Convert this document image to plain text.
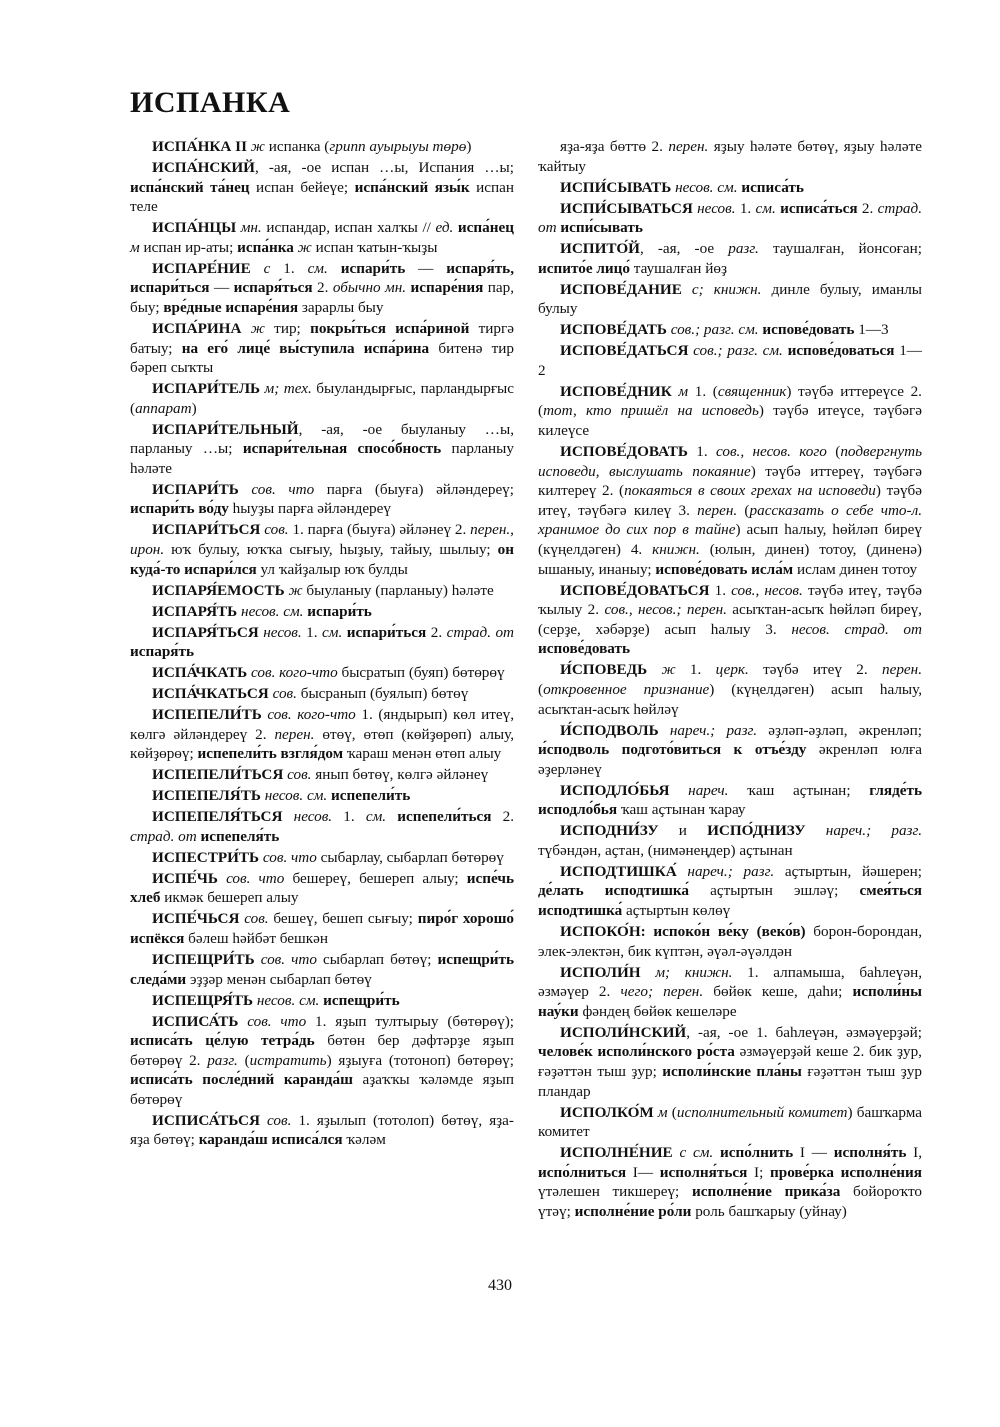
ИСПАНКА

ИСПА́НКА II ж испанка (грипп ауырыуы төрө)

ИСПА́НСКИЙ, -ая, -ое испан …ы, Испания …ы; испа́нский та́нец испан бейеүе; испа́нский язы́к испан теле

ИСПА́НЦЫ мн. испандар, испан халҡы // ед. испа́нец м испан ир-аты; испа́нка ж испан ҡатын-ҡыҙы

ИСПАРЕ́НИЕ с 1. см. испари́ть — испаря́ть, испари́ться — испаря́ться 2. обычно мн. испаре́ния пар, быу; вре́дные испаре́ния зарарлы быу

ИСПА́РИНА ж тир; покры́ться испа́риной тиргә батыу; на его́ лице́ вы́ступила испа́рина битенә тир бәреп сыҡты

ИСПАРИ́ТЕЛЬ м; тех. быуландырғыс, парландырғыс (аппарат)

ИСПАРИ́ТЕЛЬНЫЙ, -ая, -ое быуланыу …ы, парланыу …ы; испари́тельная спосо́бность парланыу һәләте

ИСПАРИ́ТЬ сов. что парға (быуға) әйләндереү; испари́ть во́ду һыуҙы парға әйләндереү

ИСПАРИ́ТЬСЯ сов. 1. парға (быуға) әйләнеү 2. перен., ирон. юҡ булыу, юҡҡа сығыу, һыҙыу, тайыу, шылыу; он куда́-то испари́лся ул ҡайҙалыр юҡ булды

ИСПАРЯ́ЕМОСТЬ ж быуланыу (парланыу) һәләте

ИСПАРЯ́ТЬ несов. см. испари́ть

ИСПАРЯ́ТЬСЯ несов. 1. см. испари́ться 2. страд. от испаря́ть

ИСПА́ЧКАТЬ сов. кого-что бысратып (буяп) бөтөрөү

ИСПА́ЧКАТЬСЯ сов. бысранып (буялып) бөтөү

ИСПЕПЕЛИ́ТЬ сов. кого-что 1. (яндырып) көл итеү, көлгә әйләндереү 2. перен. өтөү, өтөп (көйҙөрөп) алыу, көйҙөрөү; испепели́ть взгля́дом ҡараш менән өтөп алыу

ИСПЕПЕЛИ́ТЬСЯ сов. янып бөтөү, көлгә әйләнеү

ИСПЕПЕЛЯ́ТЬ несов. см. испепели́ть

ИСПЕПЕЛЯ́ТЬСЯ несов. 1. см. испепели́ться 2. страд. от испепеля́ть

ИСПЕСТРИ́ТЬ сов. что сыбарлау, сыбарлап бөтөрөү

ИСПЕ́ЧЬ сов. что бешереү, бешереп алыу; испе́чь хлеб икмәк бешереп алыу

ИСПЕ́ЧЬСЯ сов. бешеү, бешеп сығыу; пиро́г хорошо́ испёкся бәлеш һәйбәт бешкән

ИСПЕЩРИ́ТЬ сов. что сыбарлап бөтөү; испещри́ть следа́ми эҙҙәр менән сыбарлап бөтөү

ИСПЕЩРЯ́ТЬ несов. см. испещри́ть

ИСПИСА́ТЬ сов. что 1. яҙып тултырыу (бөтөрөү); исписа́ть це́лую тетра́дь бөтөн бер дәфтәрҙе яҙып бөтөрөү 2. разг. (истратить) яҙыуға (тотоноп) бөтөрөү; исписа́ть после́дний каранда́ш аҙаҡҡы ҡәләмде яҙып бөтөрөү

ИСПИСА́ТЬСЯ сов. 1. яҙылып (тотолоп) бөтөү, яҙа-яҙа бөтөү; каранда́ш исписа́лся ҡәләм

яҙа-яҙа бөттө 2. перен. яҙыу һәләте бөтөү, яҙыу һәләте ҡайтыу

ИСПИ́СЫВАТЬ несов. см. исписа́ть

ИСПИ́СЫВАТЬСЯ несов. 1. см. исписа́ться 2. страд. от испи́сывать

ИСПИТО́Й, -ая, -ое разг. таушалған, йонсоған; испито́е лицо́ таушалған йөҙ

ИСПОВЕ́ДАНИЕ с; книжн. динле булыу, иманлы булыу

ИСПОВЕ́ДАТЬ сов.; разг. см. испове́довать 1—3

ИСПОВЕ́ДАТЬСЯ сов.; разг. см. испове́доваться 1—2

ИСПОВЕ́ДНИК м 1. (священник) тәүбә иттереүсе 2. (тот, кто пришёл на исповедь) тәүбә итеүсе, тәүбәгә килеүсе

ИСПОВЕ́ДОВАТЬ 1. сов., несов. кого (подвергнуть исповеди, выслушать покаяние) тәүбә иттереү, тәүбәгә килтереү 2. (покаяться в своих грехах на исповеди) тәүбә итеү, тәүбәгә килеү 3. перен. (рассказать о себе что-л. хранимое до сих пор в тайне) асып һалыу, һөйләп биреү (күңелдәген) 4. книжн. (юлын, динен) тотоу, (диненә) ышаныу, инаныу; испове́довать исла́м ислам динен тотоу

ИСПОВЕ́ДОВАТЬСЯ 1. сов., несов. тәүбә итеү, тәүбә ҡылыу 2. сов., несов.; перен. асыҡтан-асыҡ һөйләп биреү, (серҙе, хәбәрҙе) асып һалыу 3. несов. страд. от испове́довать

И́СПОВЕДЬ ж 1. церк. тәүбә итеү 2. перен. (откровенное признание) (күңелдәген) асып һалыу, асыҡтан-асыҡ һөйләү

И́СПОДВОЛЬ нареч.; разг. әҙләп-әҙләп, әкренләп; и́сподволь подгото́виться к отъе́зду әкренләп юлға әҙерләнеү

ИСПОДЛО́БЬЯ нареч. ҡаш аҫтынан; гляде́ть исподло́бья ҡаш аҫтынан ҡарау

ИСПОДНИ́ЗУ и ИСПО́ДНИЗУ нареч.; разг. түбәндән, аҫтан, (нимәнеңдер) аҫтынан

ИСПОДТИШКА́ нареч.; разг. аҫтыртын, йәшерен; де́лать исподтишка́ аҫтыртын эшләү; смея́ться исподтишка́ аҫтыртын көлөү

ИСПОКО́Н: испоко́н ве́ку (веко́в) борон-борондан, элек-электән, бик күптән, әүәл-әүәлдән

ИСПОЛИ́Н м; книжн. 1. алпамыша, баһлеүән, әзмәүер 2. чего; перен. бөйөк кеше, даһи; исполи́ны нау́ки фәндең бөйөк кешеләре

ИСПОЛИ́НСКИЙ, -ая, -ое 1. баһлеүән, әзмәүерҙәй; челове́к исполи́нского ро́ста әзмәүерҙәй кеше 2. бик ҙур, ғәҙәттән тыш ҙур; исполи́нские пла́ны ғәҙәттән тыш ҙур пландар

ИСПОЛКО́М м (исполнительный комитет) башҡарма комитет

ИСПОЛНЕ́НИЕ с см. испо́лнить I — исполня́ть I, испо́лниться I— исполня́ться I; прове́рка исполне́ния үтәлешен тикшереү; исполне́ние прика́за бойороҡто үтәү; исполне́ние ро́ли роль башҡарыу (уйнау)

430
